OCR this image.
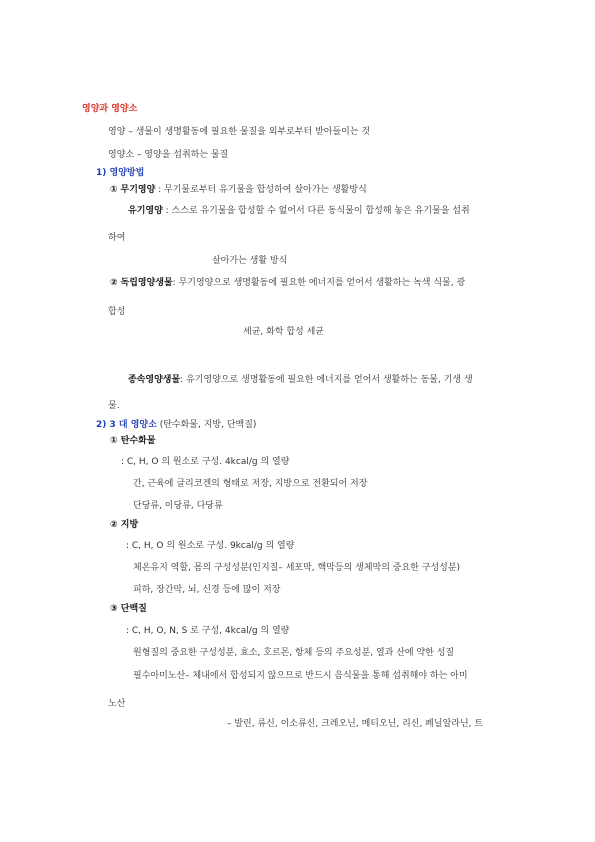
영양과 영양소
영양 – 생물이 생명활동에 필요한 물질을 외부로부터 받아들이는 것
영양소 – 영양을 섭취하는 물질
1) 영양방법
① 무기영양 : 무기물로부터 유기물을 합성하여 살아가는 생활방식
유기영양 : 스스로 유기물을 합성할 수 없어서 다른 동식물이 합성해 놓은 유기물을 섭취
하여
살아가는 생활 방식
② 독립영양생물: 무기영양으로 생명활동에 필요한 에너지를 얻어서 생활하는 녹색 식물, 광
합성
세균, 화학 합성 세균
종속영양생물: 유기영양으로 생명활동에 필요한 에너지를 얻어서 생활하는 동물, 기생 생
물.
2) 3 대 영양소 (탄수화물, 지방, 단백질)
① 탄수화물
: C, H, O 의 원소로 구성. 4kcal/g 의 열량
간, 근육에 글리코겐의 형태로 저장, 지방으로 전환되어 저장
단당류, 이당류, 다당류
② 지방
: C, H, O 의 원소로 구성. 9kcal/g 의 열량
체온유지 역할, 몸의 구성성분(인지질– 세포막, 핵막등의 생체막의 중요한 구성성분)
피하, 장간막, 뇌, 신경 등에 많이 저장
③ 단백질
: C, H, O, N, S 로 구성, 4kcal/g 의 열량
원형질의 중요한 구성성분, 효소, 호르몬, 항체 등의 주요성분, 열과 산에 약한 성질
필수아미노산– 체내에서 합성되지 않으므로 반드시 음식물을 통해 섭취해야 하는 아미
노산
– 발린, 류신, 이소류신, 크레오닌, 메티오닌, 리신, 페닐알라닌, 트
